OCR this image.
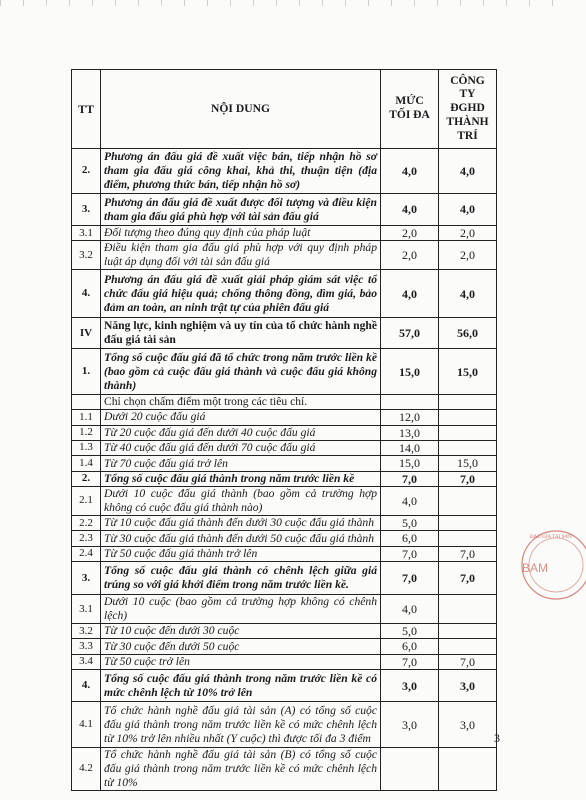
TT	NỘI DUNG	MỨC TỐI ĐA	CÔNG TY ĐGHD THÀNH TRÍ
2.	Phương án đấu giá đề xuất việc bán, tiếp nhận hồ sơ tham gia đấu giá công khai, khả thi, thuận tiện (địa điểm, phương thức bán, tiếp nhận hồ sơ)	4,0	4,0
3.	Phương án đấu giá đề xuất được đối tượng và điều kiện tham gia đấu giá phù hợp với tài sản đấu giá	4,0	4,0
3.1	Đối tượng theo đúng quy định của pháp luật	2,0	2,0
3.2	Điều kiện tham gia đấu giá phù hợp với quy định pháp luật áp dụng đối với tài sản đấu giá	2,0	2,0
4.	Phương án đấu giá đề xuất giải pháp giám sát việc tổ chức đấu giá hiệu quả; chống thông đồng, dìm giá, bảo đảm an toàn, an ninh trật tự của phiên đấu giá	4,0	4,0
IV	Năng lực, kinh nghiệm và uy tín của tổ chức hành nghề đấu giá tài sản	57,0	56,0
1.	Tổng số cuộc đấu giá đã tổ chức trong năm trước liền kề (bao gồm cả cuộc đấu giá thành và cuộc đấu giá không thành)	15,0	15,0
	Chỉ chọn chấm điểm một trong các tiêu chí.		
1.1	Dưới 20 cuộc đấu giá	12,0	
1.2	Từ 20 cuộc đấu giá đến dưới 40 cuộc đấu giá	13,0	
1.3	Từ 40 cuộc đấu giá đến dưới 70 cuộc đấu giá	14,0	
1.4	Từ 70 cuộc đấu giá trở lên	15,0	15,0
2.	Tổng số cuộc đấu giá thành trong năm trước liền kề	7,0	7,0
2.1	Dưới 10 cuộc đấu giá thành (bao gồm cả trường hợp không có cuộc đấu giá thành nào)	4,0	
2.2	Từ 10 cuộc đấu giá thành đến dưới 30 cuộc đấu giá thành	5,0	
2.3	Từ 30 cuộc đấu giá thành đến dưới 50 cuộc đấu giá thành	6,0	
2.4	Từ 50 cuộc đấu giá thành trở lên	7,0	7,0
3.	Tổng số cuộc đấu giá thành có chênh lệch giữa giá trúng so với giá khởi điểm trong năm trước liền kề.	7,0	7,0
3.1	Dưới 10 cuộc (bao gồm cả trường hợp không có chênh lệch)	4,0	
3.2	Từ 10 cuộc đến dưới 30 cuộc	5,0	
3.3	Từ 30 cuộc đến dưới 50 cuộc	6,0	
3.4	Từ 50 cuộc trở lên	7,0	7,0
4.	Tổng số cuộc đấu giá thành trong năm trước liền kề có mức chênh lệch từ 10% trở lên	3,0	3,0
4.1	Tổ chức hành nghề đấu giá tài sản (A) có tổng số cuộc đấu giá thành trong năm trước liền kề có mức chênh lệch từ 10% trở lên nhiều nhất (Y cuộc) thì được tối đa 3 điểm	3,0	3,0
4.2	Tổ chức hành nghề đấu giá tài sản (B) có tổng số cuộc đấu giá thành trong năm trước liền kề có mức chênh lệch từ 10%		
ĐẤU GIÁ TÀI SẢN
BAM
3
